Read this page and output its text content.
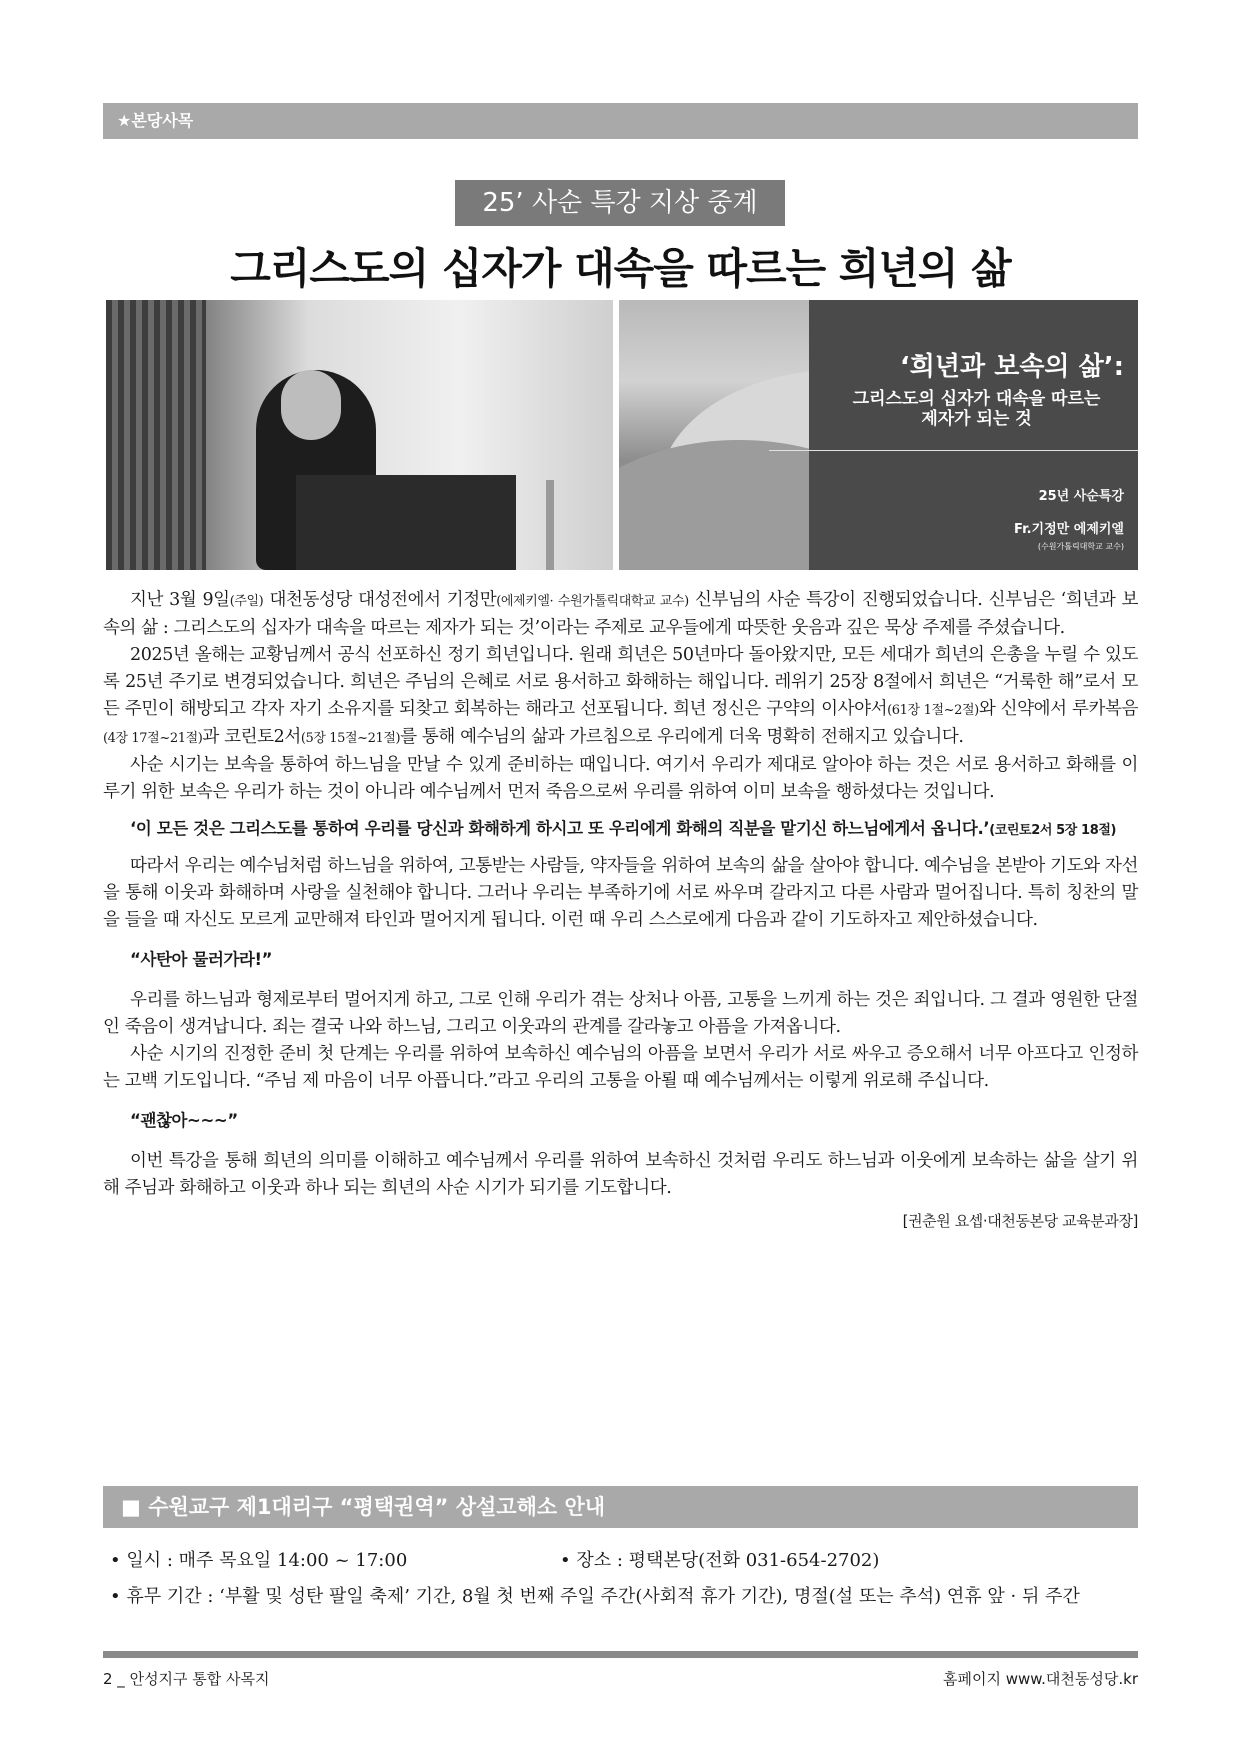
★본당사목
25’ 사순 특강 지상 중계
그리스도의 십자가 대속을 따르는 희년의 삶
‘희년과 보속의 삶’:
그리스도의 십자가 대속을 따르는
제자가 되는 것
25년 사순특강
Fr.기정만 에제키엘
(수원가톨릭대학교 교수)

지난 3월 9일(주일) 대천동성당 대성전에서 기정만(에제키엘· 수원가톨릭대학교 교수) 신부님의 사순 특강이 진행되었습니다. 신부님은 ‘희년과 보속의 삶 : 그리스도의 십자가 대속을 따르는 제자가 되는 것’이라는 주제로 교우들에게 따뜻한 웃음과 깊은 묵상 주제를 주셨습니다.

2025년 올해는 교황님께서 공식 선포하신 정기 희년입니다. 원래 희년은 50년마다 돌아왔지만, 모든 세대가 희년의 은총을 누릴 수 있도록 25년 주기로 변경되었습니다. 희년은 주님의 은혜로 서로 용서하고 화해하는 해입니다. 레위기 25장 8절에서 희년은 “거룩한 해”로서 모든 주민이 해방되고 각자 자기 소유지를 되찾고 회복하는 해라고 선포됩니다. 희년 정신은 구약의 이사야서(61장 1절~2절)와 신약에서 루카복음(4장 17절~21절)과 코린토2서(5장 15절~21절)를 통해 예수님의 삶과 가르침으로 우리에게 더욱 명확히 전해지고 있습니다.

사순 시기는 보속을 통하여 하느님을 만날 수 있게 준비하는 때입니다. 여기서 우리가 제대로 알아야 하는 것은 서로 용서하고 화해를 이루기 위한 보속은 우리가 하는 것이 아니라 예수님께서 먼저 죽음으로써 우리를 위하여 이미 보속을 행하셨다는 것입니다.

‘이 모든 것은 그리스도를 통하여 우리를 당신과 화해하게 하시고 또 우리에게 화해의 직분을 맡기신 하느님에게서 옵니다.’(코린토2서 5장 18절)

따라서 우리는 예수님처럼 하느님을 위하여, 고통받는 사람들, 약자들을 위하여 보속의 삶을 살아야 합니다. 예수님을 본받아 기도와 자선을 통해 이웃과 화해하며 사랑을 실천해야 합니다. 그러나 우리는 부족하기에 서로 싸우며 갈라지고 다른 사람과 멀어집니다. 특히 칭찬의 말을 들을 때 자신도 모르게 교만해져 타인과 멀어지게 됩니다. 이런 때 우리 스스로에게 다음과 같이 기도하자고 제안하셨습니다.

“사탄아 물러가라!”

우리를 하느님과 형제로부터 멀어지게 하고, 그로 인해 우리가 겪는 상처나 아픔, 고통을 느끼게 하는 것은 죄입니다. 그 결과 영원한 단절인 죽음이 생겨납니다. 죄는 결국 나와 하느님, 그리고 이웃과의 관계를 갈라놓고 아픔을 가져옵니다.

사순 시기의 진정한 준비 첫 단계는 우리를 위하여 보속하신 예수님의 아픔을 보면서 우리가 서로 싸우고 증오해서 너무 아프다고 인정하는 고백 기도입니다. “주님 제 마음이 너무 아픕니다.”라고 우리의 고통을 아뢸 때 예수님께서는 이렇게 위로해 주십니다.

“괜찮아~~~”

이번 특강을 통해 희년의 의미를 이해하고 예수님께서 우리를 위하여 보속하신 것처럼 우리도 하느님과 이웃에게 보속하는 삶을 살기 위해 주님과 화해하고 이웃과 하나 되는 희년의 사순 시기가 되기를 기도합니다.

[권춘원 요셉·대천동본당 교육분과장]
■ 수원교구 제1대리구 “평택권역” 상설고해소 안내
• 일시 : 매주 목요일 14:00 ~ 17:00	• 장소 : 평택본당(전화 031-654-2702)
• 휴무 기간 : ‘부활 및 성탄 팔일 축제’ 기간, 8월 첫 번째 주일 주간(사회적 휴가 기간), 명절(설 또는 추석) 연휴 앞 · 뒤 주간
2 _ 안성지구 통합 사목지	홈페이지 www.대천동성당.kr
